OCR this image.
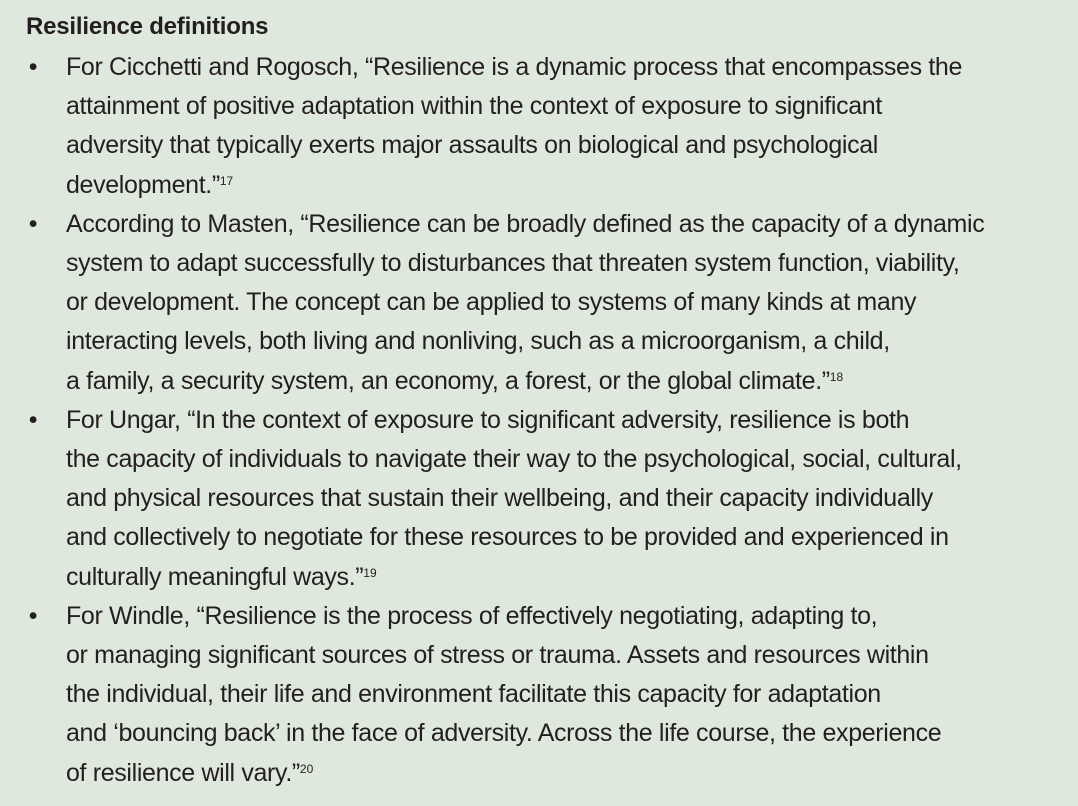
Resilience definitions
• For Cicchetti and Rogosch, “Resilience is a dynamic process that encompasses the
attainment of positive adaptation within the context of exposure to significant
adversity that typically exerts major assaults on biological and psychological
development.”$^{17}$
• According to Masten, “Resilience can be broadly defined as the capacity of a dynamic
system to adapt successfully to disturbances that threaten system function, viability,
or development. The concept can be applied to systems of many kinds at many
interacting levels, both living and nonliving, such as a microorganism, a child,
a family, a security system, an economy, a forest, or the global climate.”$^{18}$
• For Ungar, “In the context of exposure to significant adversity, resilience is both
the capacity of individuals to navigate their way to the psychological, social, cultural,
and physical resources that sustain their wellbeing, and their capacity individually
and collectively to negotiate for these resources to be provided and experienced in
culturally meaningful ways.”$^{19}$
• For Windle, “Resilience is the process of effectively negotiating, adapting to,
or managing significant sources of stress or trauma. Assets and resources within
the individual, their life and environment facilitate this capacity for adaptation
and ‘bouncing back’ in the face of adversity. Across the life course, the experience
of resilience will vary.”$^{20}$
